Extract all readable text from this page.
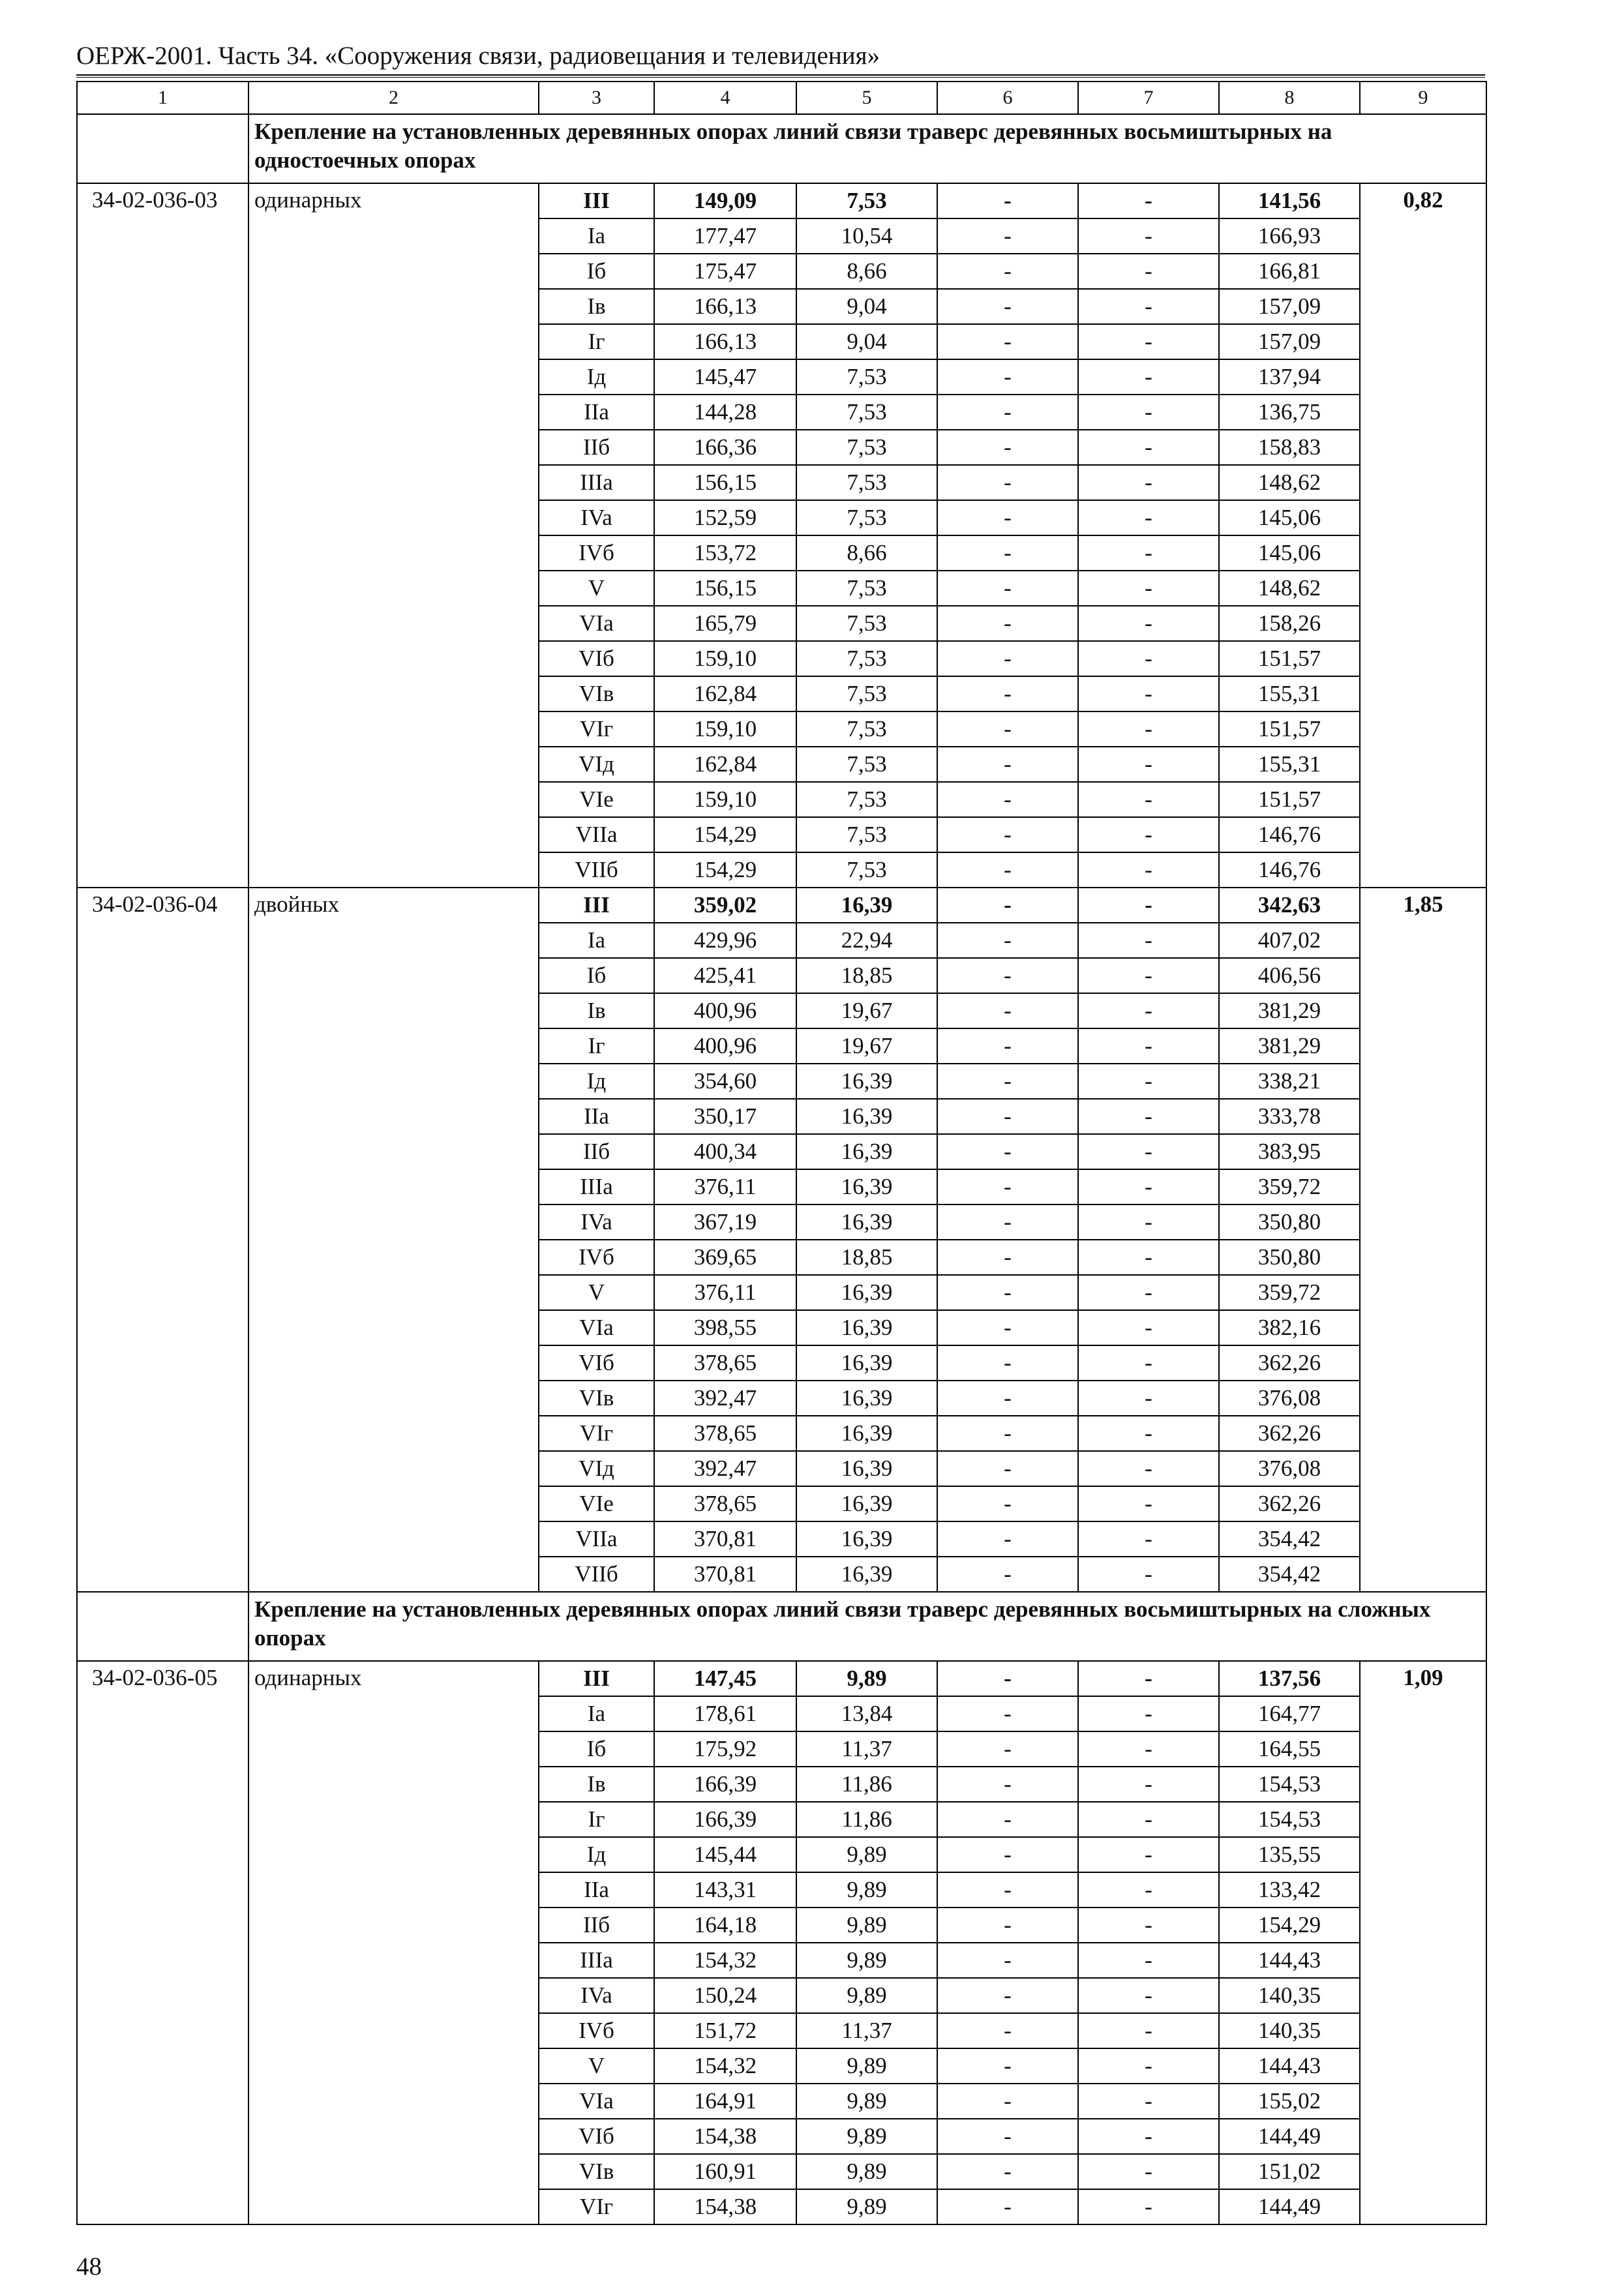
ОЕРЖ-2001. Часть 34. «Сооружения связи, радиовещания и телевидения»
1	2	3	4	5	6	7	8	9
	Крепление на установленных деревянных опорах линий связи траверс деревянных восьмиштырных на одностоечных опорах							
34-02-036-03	одинарных	III	149,09	7,53	-	-	141,56	0,82
		Ia	177,47	10,54	-	-	166,93	
		Iб	175,47	8,66	-	-	166,81	
		Iв	166,13	9,04	-	-	157,09	
		Iг	166,13	9,04	-	-	157,09	
		Iд	145,47	7,53	-	-	137,94	
		IIa	144,28	7,53	-	-	136,75	
		IIб	166,36	7,53	-	-	158,83	
		IIIa	156,15	7,53	-	-	148,62	
		IVa	152,59	7,53	-	-	145,06	
		IVб	153,72	8,66	-	-	145,06	
		V	156,15	7,53	-	-	148,62	
		VIa	165,79	7,53	-	-	158,26	
		VIб	159,10	7,53	-	-	151,57	
		VIв	162,84	7,53	-	-	155,31	
		VIг	159,10	7,53	-	-	151,57	
		VIд	162,84	7,53	-	-	155,31	
		VIe	159,10	7,53	-	-	151,57	
		VIIa	154,29	7,53	-	-	146,76	
		VIIб	154,29	7,53	-	-	146,76	
34-02-036-04	двойных	III	359,02	16,39	-	-	342,63	1,85
		Ia	429,96	22,94	-	-	407,02	
		Iб	425,41	18,85	-	-	406,56	
		Iв	400,96	19,67	-	-	381,29	
		Iг	400,96	19,67	-	-	381,29	
		Iд	354,60	16,39	-	-	338,21	
		IIa	350,17	16,39	-	-	333,78	
		IIб	400,34	16,39	-	-	383,95	
		IIIa	376,11	16,39	-	-	359,72	
		IVa	367,19	16,39	-	-	350,80	
		IVб	369,65	18,85	-	-	350,80	
		V	376,11	16,39	-	-	359,72	
		VIa	398,55	16,39	-	-	382,16	
		VIб	378,65	16,39	-	-	362,26	
		VIв	392,47	16,39	-	-	376,08	
		VIг	378,65	16,39	-	-	362,26	
		VIд	392,47	16,39	-	-	376,08	
		VIe	378,65	16,39	-	-	362,26	
		VIIa	370,81	16,39	-	-	354,42	
		VIIб	370,81	16,39	-	-	354,42	
	Крепление на установленных деревянных опорах линий связи траверс деревянных восьмиштырных на сложных опорах							
34-02-036-05	одинарных	III	147,45	9,89	-	-	137,56	1,09
		Ia	178,61	13,84	-	-	164,77	
		Iб	175,92	11,37	-	-	164,55	
		Iв	166,39	11,86	-	-	154,53	
		Iг	166,39	11,86	-	-	154,53	
		Iд	145,44	9,89	-	-	135,55	
		IIa	143,31	9,89	-	-	133,42	
		IIб	164,18	9,89	-	-	154,29	
		IIIa	154,32	9,89	-	-	144,43	
		IVa	150,24	9,89	-	-	140,35	
		IVб	151,72	11,37	-	-	140,35	
		V	154,32	9,89	-	-	144,43	
		VIa	164,91	9,89	-	-	155,02	
		VIб	154,38	9,89	-	-	144,49	
		VIв	160,91	9,89	-	-	151,02	
		VIг	154,38	9,89	-	-	144,49	
48
